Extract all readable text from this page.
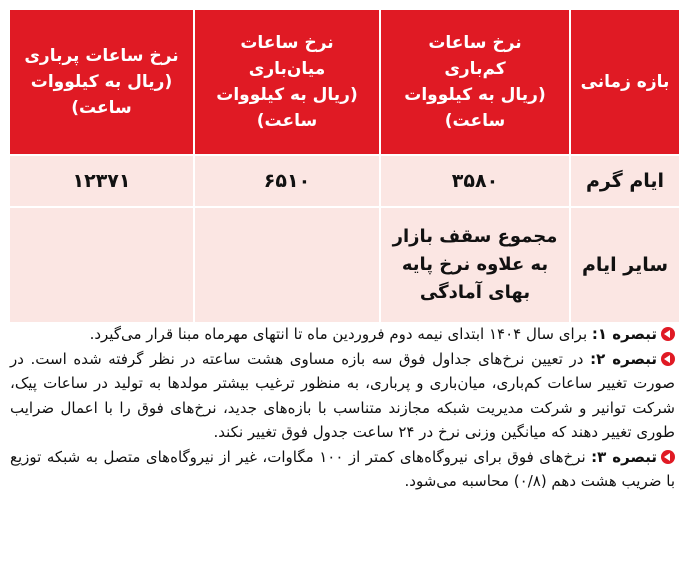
بازه زمانی	نرخ ساعات
کم‌باری
(ریال به کیلووات
ساعت)	نرخ ساعات
میان‌باری
(ریال به کیلووات
ساعت)	نرخ ساعات پرباری
(ریال به کیلووات
ساعت)

ایام گرم	۳۵۸۰	۶۵۱۰	۱۲۳۷۱
سایر ایام	مجموع سقف بازار
به علاوه نرخ پایه
بهای آمادگی		

تبصره ۱: برای سال ۱۴۰۴ ابتدای نیمه دوم فروردین ماه تا انتهای مهرماه مبنا قرار می‌گیرد.

تبصره ۲: در تعیین نرخ‌های جداول فوق سه بازه مساوی هشت ساعته در نظر گرفته شده است. در صورت تغییر ساعات کم‌باری، میان‌باری و پرباری، به منظور ترغیب بیشتر مولدها به تولید در ساعات پیک، شرکت توانیر و شرکت مدیریت شبکه مجازند متناسب با بازه‌های جدید، نرخ‌های فوق را با اعمال ضرایب طوری تغییر دهند که میانگین وزنی نرخ در ۲۴ ساعت جدول فوق تغییر نکند.

تبصره ۳: نرخ‌های فوق برای نیروگاه‌های کمتر از ۱۰۰ مگاوات، غیر از نیروگاه‌های متصل به شبکه توزیع با ضریب هشت دهم (۰/۸) محاسبه می‌شود.
